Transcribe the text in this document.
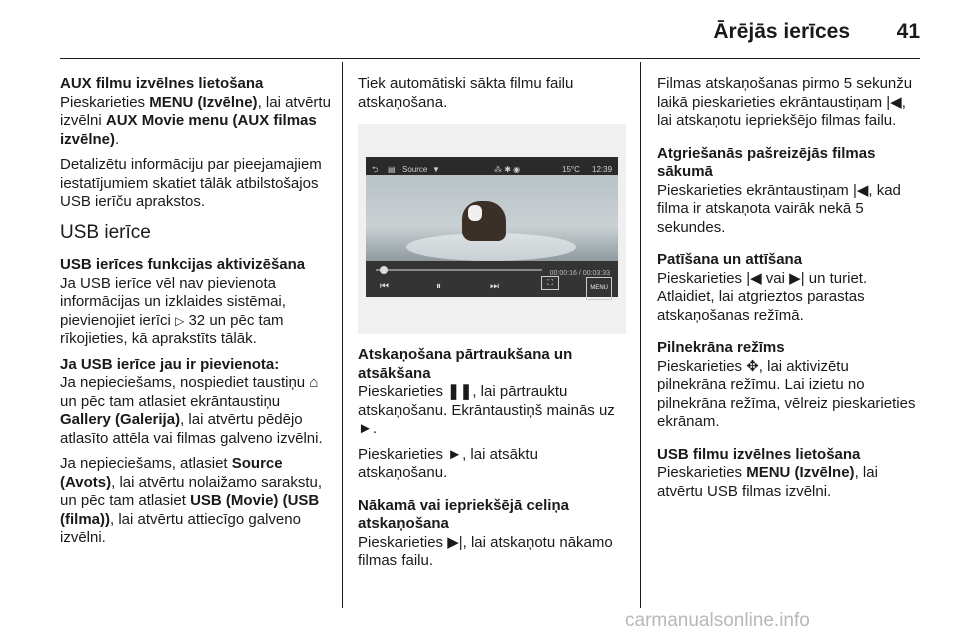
Ārējās ierīces 41

AUX filmu izvēlnes lietošana

Pieskarieties MENU (Izvēlne), lai atvērtu izvēlni AUX Movie menu (AUX filmas izvēlne).

Detalizētu informāciju par pieejamajiem iestatījumiem skatiet tālāk atbilstošajos USB ierīču aprakstos.

USB ierīce

USB ierīces funkcijas aktivizēšana

Ja USB ierīce vēl nav pievienota informācijas un izklaides sistēmai, pievienojiet ierīci ▷ 32 un pēc tam rīkojieties, kā aprakstīts tālāk.

Ja USB ierīce jau ir pievienota:

Ja nepieciešams, nospiediet taustiņu ⌂ un pēc tam atlasiet ekrāntaustiņu Gallery (Galerija), lai atvērtu pēdējo atlasīto attēla vai filmas galveno izvēlni.

Ja nepieciešams, atlasiet Source (Avots), lai atvērtu nolaižamo sarakstu, un pēc tam atlasiet USB (Movie) (USB (filma)), lai atvērtu attiecīgo galveno izvēlni.

Tiek automātiski sākta filmu failu atskaņošana.

⮌ ▤ Source ▼	⁂ ✱ ◉	15°C 12:39
00:00:16 / 00:03:33
⏮	⏸	⏭	⛶
MENU

Atskaņošana pārtraukšana un atsākšana

Pieskarieties ❚❚, lai pārtrauktu atskaņošanu. Ekrāntaustiņš mainās uz ►.

Pieskarieties ►, lai atsāktu atskaņošanu.

Nākamā vai iepriekšējā celiņa atskaņošana

Pieskarieties ▶|, lai atskaņotu nākamo filmas failu.

Filmas atskaņošanas pirmo 5 sekunžu laikā pieskarieties ekrāntaustiņam |◀, lai atskaņotu iepriekšējo filmas failu.

Atgriešanās pašreizējās filmas sākumā

Pieskarieties ekrāntaustiņam |◀, kad filma ir atskaņota vairāk nekā 5 sekundes.

Patīšana un attīšana

Pieskarieties |◀ vai ▶| un turiet. Atlaidiet, lai atgrieztos parastas atskaņošanas režīmā.

Pilnekrāna režīms

Pieskarieties ✥, lai aktivizētu pilnekrāna režīmu. Lai izietu no pilnekrāna režīma, vēlreiz pieskarieties ekrānam.

USB filmu izvēlnes lietošana

Pieskarieties MENU (Izvēlne), lai atvērtu USB filmas izvēlni.

carmanualsonline.info
